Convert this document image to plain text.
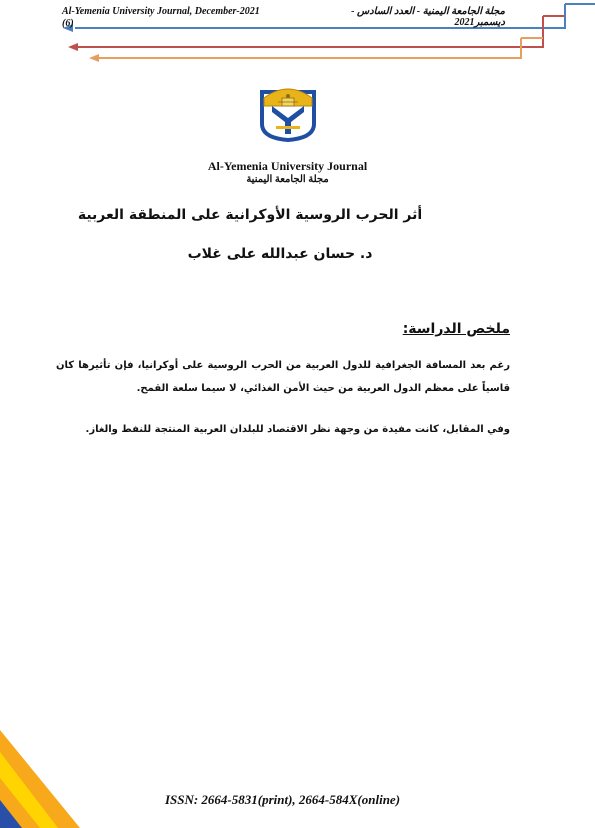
Al-Yemenia University Journal, December-2021
(6)
مجلة الجامعة اليمنية - العدد السادس - ديسمبر2021
Al-Yemenia University Journal
مجلة الجامعة اليمنية
أثر الحرب الروسية الأوكرانية على المنطقة العربية
د. حسان عبدالله على غلاب
ملخص الدراسة:
رغم بعد المسافة الجغرافية للدول العربية من الحرب الروسية على أوكرانيا، فإن تأثيرها كان قاسياً على معظم الدول العربية من حيث الأمن الغذائي، لا سيما سلعة القمح.
وفي المقابل، كانت مفيدة من وجهة نظر الاقتصاد للبلدان العربية المنتجة للنفط والغاز.
ISSN: 2664-5831(print), 2664-584X(online)
